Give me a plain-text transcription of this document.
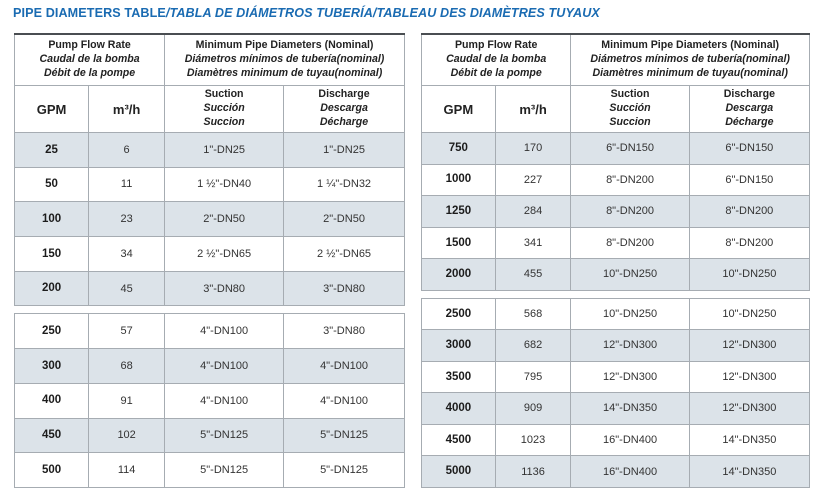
PIPE DIAMETERS TABLE/TABLA DE DIÁMETROS TUBERÍA/TABLEAU DES DIAMÈTRES TUYAUX
Pump Flow Rate
Caudal de la bomba
Débit de la pompe

Minimum Pipe Diameters (Nominal)
Diámetros mínimos de tubería(nominal)
Diamètres minimum de tuyau(nominal)

GPM	m³/h	
Suction
Succión
Succion

Discharge
Descarga
Décharge

25	6	1"-DN25	1"-DN25
50	11	1 ½"-DN40	1 ¼"-DN32
100	23	2"-DN50	2"-DN50
150	34	2 ½"-DN65	2 ½"-DN65
200	45	3"-DN80	3"-DN80

250	57	4"-DN100	3"-DN80
300	68	4"-DN100	4"-DN100
400	91	4"-DN100	4"-DN100
450	102	5"-DN125	5"-DN125
500	114	5"-DN125	5"-DN125
Pump Flow Rate
Caudal de la bomba
Débit de la pompe

Minimum Pipe Diameters (Nominal)
Diámetros mínimos de tubería(nominal)
Diamètres minimum de tuyau(nominal)

GPM	m³/h	
Suction
Succión
Succion

Discharge
Descarga
Décharge

750	170	6"-DN150	6"-DN150
1000	227	8"-DN200	6"-DN150
1250	284	8"-DN200	8"-DN200
1500	341	8"-DN200	8"-DN200
2000	455	10"-DN250	10"-DN250

2500	568	10"-DN250	10"-DN250
3000	682	12"-DN300	12"-DN300
3500	795	12"-DN300	12"-DN300
4000	909	14"-DN350	12"-DN300
4500	1023	16"-DN400	14"-DN350
5000	1136	16"-DN400	14"-DN350
